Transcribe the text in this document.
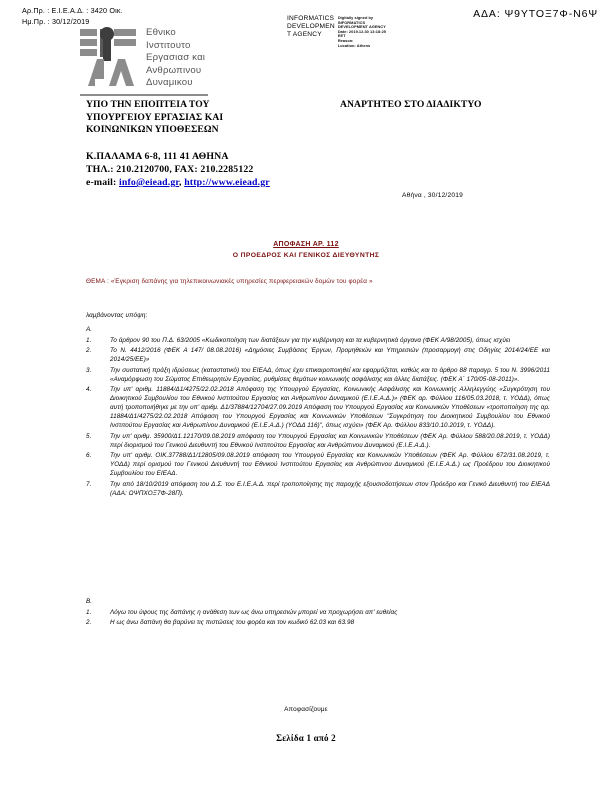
Αρ.Πρ. : Ε.Ι.Ε.Α.Δ. : 3420 Οικ.
Ημ.Πρ. : 30/12/2019
ΑΔΑ: Ψ9ΥΤΟΞ7Φ-Ν6Ψ
INFORMATICS
DEVELOPMEN
T AGENCY
Digitally signed by
INFORMATICS
DEVELOPMENT AGENCY
Date: 2019.12.30 13:18:25
EET
Reason:
Location: Athens
Εθνικο
Ινστιτουτο
Εργασιασ και
Ανθρωπινου
Δυναμικου
ΥΠΟ ΤΗΝ ΕΠΟΠΤΕΙΑ ΤΟΥ
ΥΠΟΥΡΓΕΙΟΥ ΕΡΓΑΣΙΑΣ ΚΑΙ
ΚΟΙΝΩΝΙΚΩΝ ΥΠΟΘΕΣΕΩΝ
ΑΝΑΡΤΗΤΕΟ ΣΤΟ ΔΙΑΔΙΚΤΥΟ
Κ.ΠΑΛΑΜΑ 6-8, 111 41 ΑΘΗΝΑ
ΤΗΛ.: 210.2120700, FAX: 210.2285122
e-mail: info@eiead.gr, http://www.eiead.gr
Αθήνα , 30/12/2019
ΑΠΟΦΑΣΗ ΑΡ. 112
Ο ΠΡΟΕΔΡΟΣ ΚΑΙ ΓΕΝΙΚΟΣ ΔΙΕΥΘΥΝΤΗΣ
ΘΕΜΑ : «Έγκριση δαπάνης για τηλεπικοινωνιακές υπηρεσίες περιφερειακών δομών του φορέα »
λαμβάνοντας υπόψη:
Α.
1.	Το άρθρον 90 του Π.Δ. 63/2005 «Κωδικοποίηση των διατάξεων για την κυβέρνηση και τα κυβερνητικά όργανα (ΦΕΚ Α/98/2005), όπως ισχύει
2.	Το Ν. 4412/2016 (ΦΕΚ Α 147/ 08.08.2016) «Δημόσιες Συμβάσεις Έργων, Προμηθειών και Υπηρεσιών (προσαρμογή στις Οδηγίες 2014/24/ΕΕ και 2014/25/ΕΕ)»
3.	Την συστατική πράξη ιδρύσεως (καταστατικό) του ΕΙΕΑΔ, όπως έχει επικαιροποιηθεί και εφαρμόζεται, καθώς και το άρθρο 88 παραγρ. 5 του Ν. 3996/2011 «Αναμόρφωση του Σώματος Επιθεωρητών Εργασίας, ρυθμίσεις θεμάτων κοινωνικής ασφάλισης και άλλες διατάξεις. (ΦΕΚ Α΄ 170/05-08-2011)».
4.	Την υπ' αριθμ. 11884/Δ1/4275/22.02.2018 Απόφαση της Υπουργού Εργασίας, Κοινωνικής Ασφάλισης και Κοινωνικής Αλληλεγγύης «Συγκρότηση του Διοικητικού Συμβουλίου του Εθνικού Ινστιτούτου Εργασίας και Ανθρωπίνου Δυναμικού (Ε.Ι.Ε.Α.Δ.)» (ΦΕΚ αρ. Φύλλου 116/05.03.2018, τ. ΥΟΔΔ), όπως αυτή τροποποιήθηκε με την υπ' αριθμ. Δ1/37884/12704/27.09.2019 Απόφαση του Υπουργού Εργασίας και Κοινωνικών Υποθέσεων «τροποποίηση της αρ. 11884/Δ1/4275/22.02.2018 Απόφαση του Υπουργού Εργασίας και Κοινωνικών Υποθέσεων "Συγκρότηση του Διοικητικού Συμβουλίου του Εθνικού Ινστιτούτου Εργασίας και Ανθρωπίνου Δυναμικού (Ε.Ι.Ε.Α.Δ.) (ΥΟΔΔ 116)", όπως ισχύει» (ΦΕΚ Αρ. Φύλλου 833/10.10.2019, τ. ΥΟΔΔ).
5.	Την υπ' αριθμ. 35900/Δ1.12170/09.08.2019 απόφαση του Υπουργού Εργασίας και Κοινωνικών Υποθέσεων (ΦΕΚ Αρ. Φύλλου 588/20.08.2019, τ. ΥΟΔΔ) περί διορισμού του Γενικού Διευθυντή του Εθνικού Ινστιτούτου Εργασίας και Ανθρώπινου Δυναμικού (Ε.Ι.Ε.Α.Δ.).
6.	Την υπ' αριθμ. ΟΙΚ.37788/Δ1/12805/09.08.2019 απόφαση του Υπουργού Εργασίας και Κοινωνικών Υποθέσεων (ΦΕΚ Αρ. Φύλλου 672/31.08.2019, τ. ΥΟΔΔ) περί ορισμού του Γενικού Διευθυντή του Εθνικού Ινστιτούτου Εργασίας και Ανθρώπινου Δυναμικού (Ε.Ι.Ε.Α.Δ.) ως Προέδρου του Διοικητικού Συμβουλίου του ΕΙΕΑΔ.
7.	Την από 18/10/2019 απόφαση του Δ.Σ. του Ε.Ι.Ε.Α.Δ. περί τροποποίησης της παροχής εξουσιοδοτήσεων στον Πρόεδρο και Γενικό Διευθυντή του ΕΙΕΑΔ (ΑΔΑ: ΩΨΠΧΟΞ7Φ-28Π).
Β.
1.	Λόγω του ύψους της δαπάνης η ανάθεση των ως άνω υπηρεσιών μπορεί να προχωρήσει απ' ευθείας
2.	Η ως άνω δαπάνη θα βαρύνει τις πιστώσεις του φορέα και τον κωδικό 62.03 και 63.98
Αποφασίζουμε
Σελίδα 1 από 2
